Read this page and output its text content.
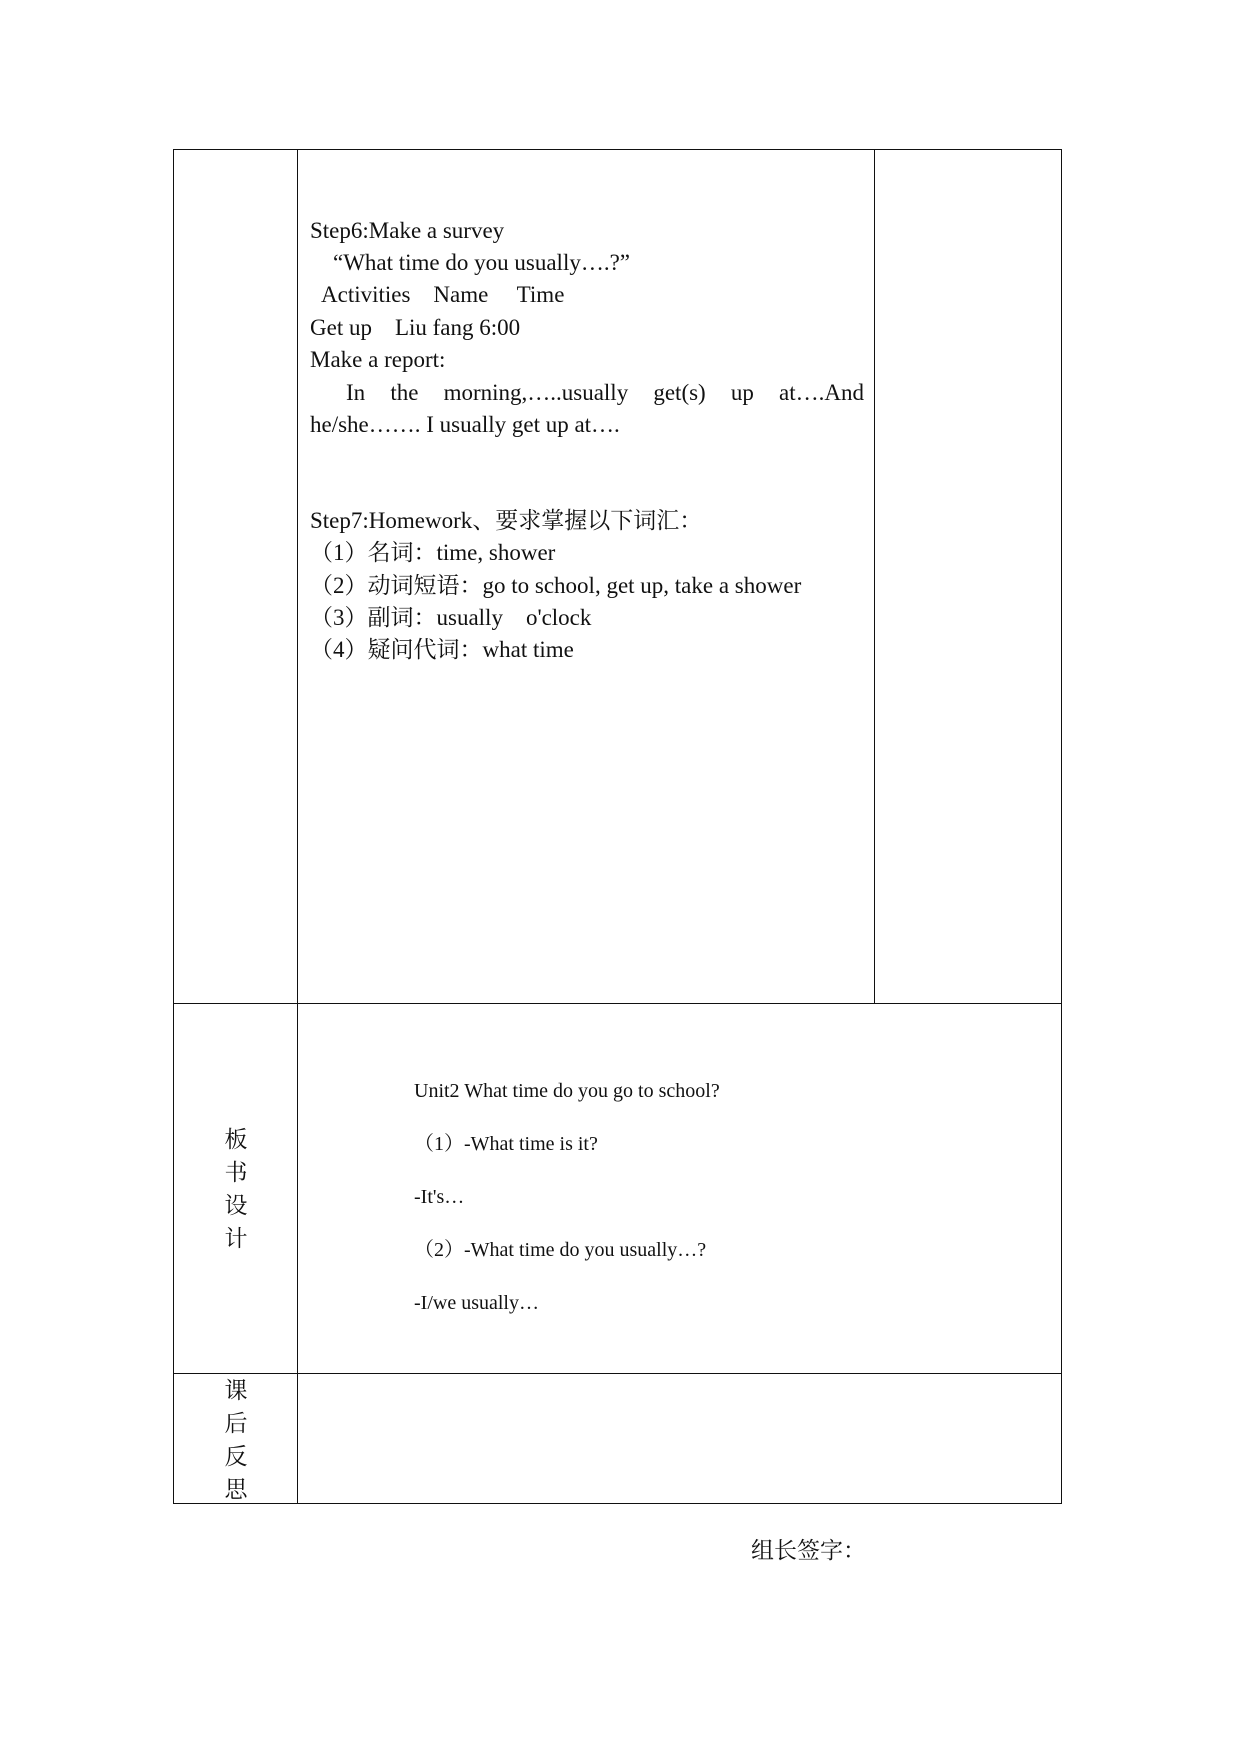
Step6:Make a survey
“What time do you usually….?”
Activities    Name     Time
Get up    Liu fang 6:00
Make a report:
In the morning,…..usually get(s) up at….And
he/she……. I usually get up at….
Step7:Homework、要求掌握以下词汇：
（1）名词：time, shower
（2）动词短语：go to school, get up, take a shower
（3）副词：usually    o'clock
（4）疑问代词：what time
板书设计
Unit2 What time do you go to school?
（1）-What time is it?
-It's…
（2）-What time do you usually…?
-I/we usually…
课后反思
组长签字：
